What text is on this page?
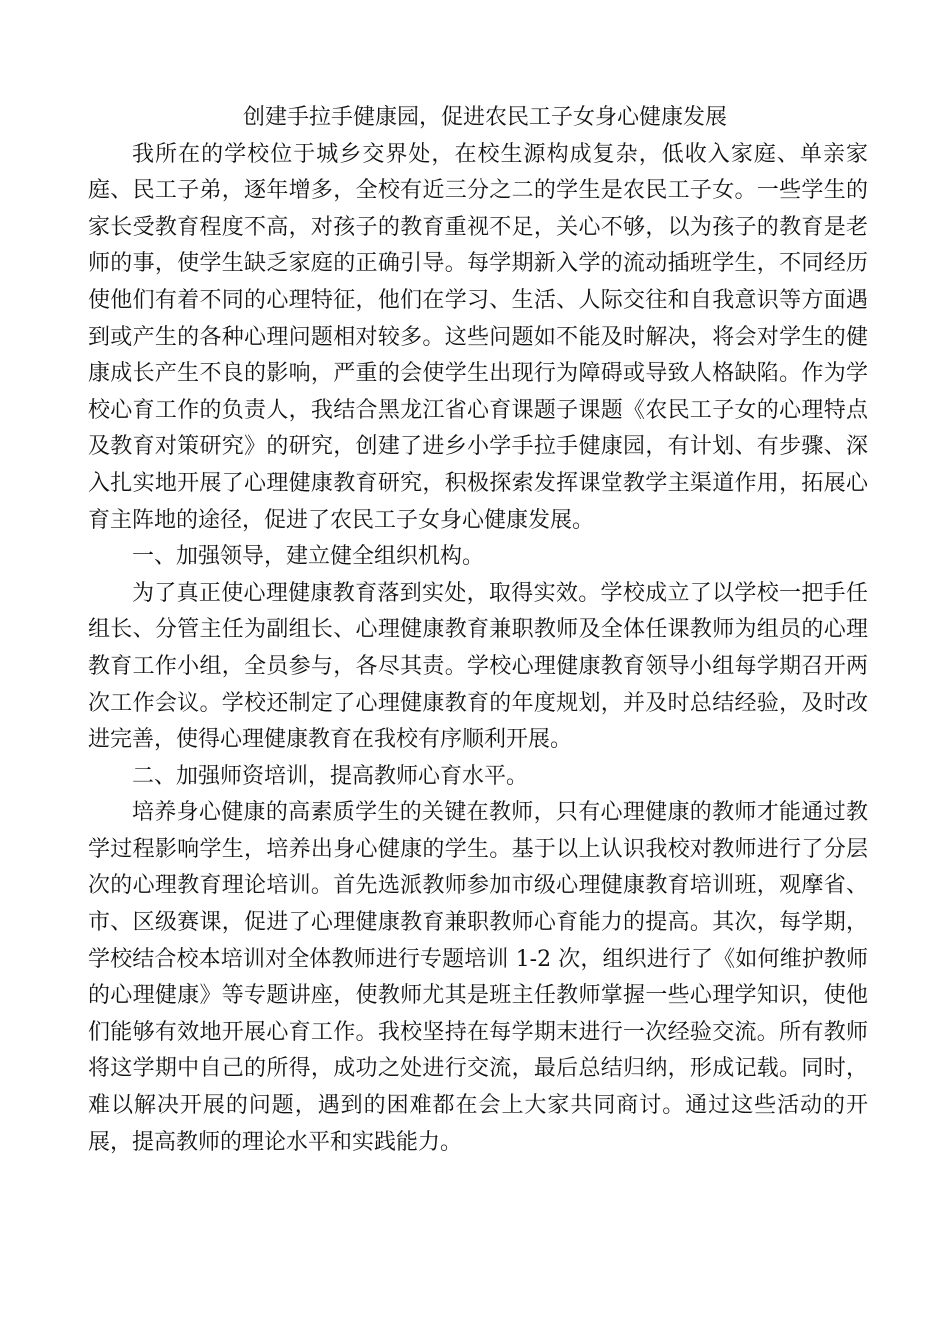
创建手拉手健康园，促进农民工子女身心健康发展

我所在的学校位于城乡交界处，在校生源构成复杂，低收入家庭、单亲家庭、民工子弟，逐年增多，全校有近三分之二的学生是农民工子女。一些学生的家长受教育程度不高，对孩子的教育重视不足，关心不够，以为孩子的教育是老师的事，使学生缺乏家庭的正确引导。每学期新入学的流动插班学生，不同经历使他们有着不同的心理特征，他们在学习、生活、人际交往和自我意识等方面遇到或产生的各种心理问题相对较多。这些问题如不能及时解决，将会对学生的健康成长产生不良的影响，严重的会使学生出现行为障碍或导致人格缺陷。作为学校心育工作的负责人，我结合黑龙江省心育课题子课题《农民工子女的心理特点及教育对策研究》的研究，创建了进乡小学手拉手健康园，有计划、有步骤、深入扎实地开展了心理健康教育研究，积极探索发挥课堂教学主渠道作用，拓展心育主阵地的途径，促进了农民工子女身心健康发展。

一、加强领导，建立健全组织机构。

为了真正使心理健康教育落到实处，取得实效。学校成立了以学校一把手任组长、分管主任为副组长、心理健康教育兼职教师及全体任课教师为组员的心理教育工作小组，全员参与，各尽其责。学校心理健康教育领导小组每学期召开两次工作会议。学校还制定了心理健康教育的年度规划，并及时总结经验，及时改进完善，使得心理健康教育在我校有序顺利开展。

二、加强师资培训，提高教师心育水平。

培养身心健康的高素质学生的关键在教师，只有心理健康的教师才能通过教学过程影响学生，培养出身心健康的学生。基于以上认识我校对教师进行了分层次的心理教育理论培训。首先选派教师参加市级心理健康教育培训班，观摩省、市、区级赛课，促进了心理健康教育兼职教师心育能力的提高。其次，每学期，学校结合校本培训对全体教师进行专题培训 1-2 次，组织进行了《如何维护教师的心理健康》等专题讲座，使教师尤其是班主任教师掌握一些心理学知识，使他们能够有效地开展心育工作。我校坚持在每学期末进行一次经验交流。所有教师将这学期中自己的所得，成功之处进行交流，最后总结归纳，形成记载。同时，难以解决开展的问题，遇到的困难都在会上大家共同商讨。通过这些活动的开展，提高教师的理论水平和实践能力。
